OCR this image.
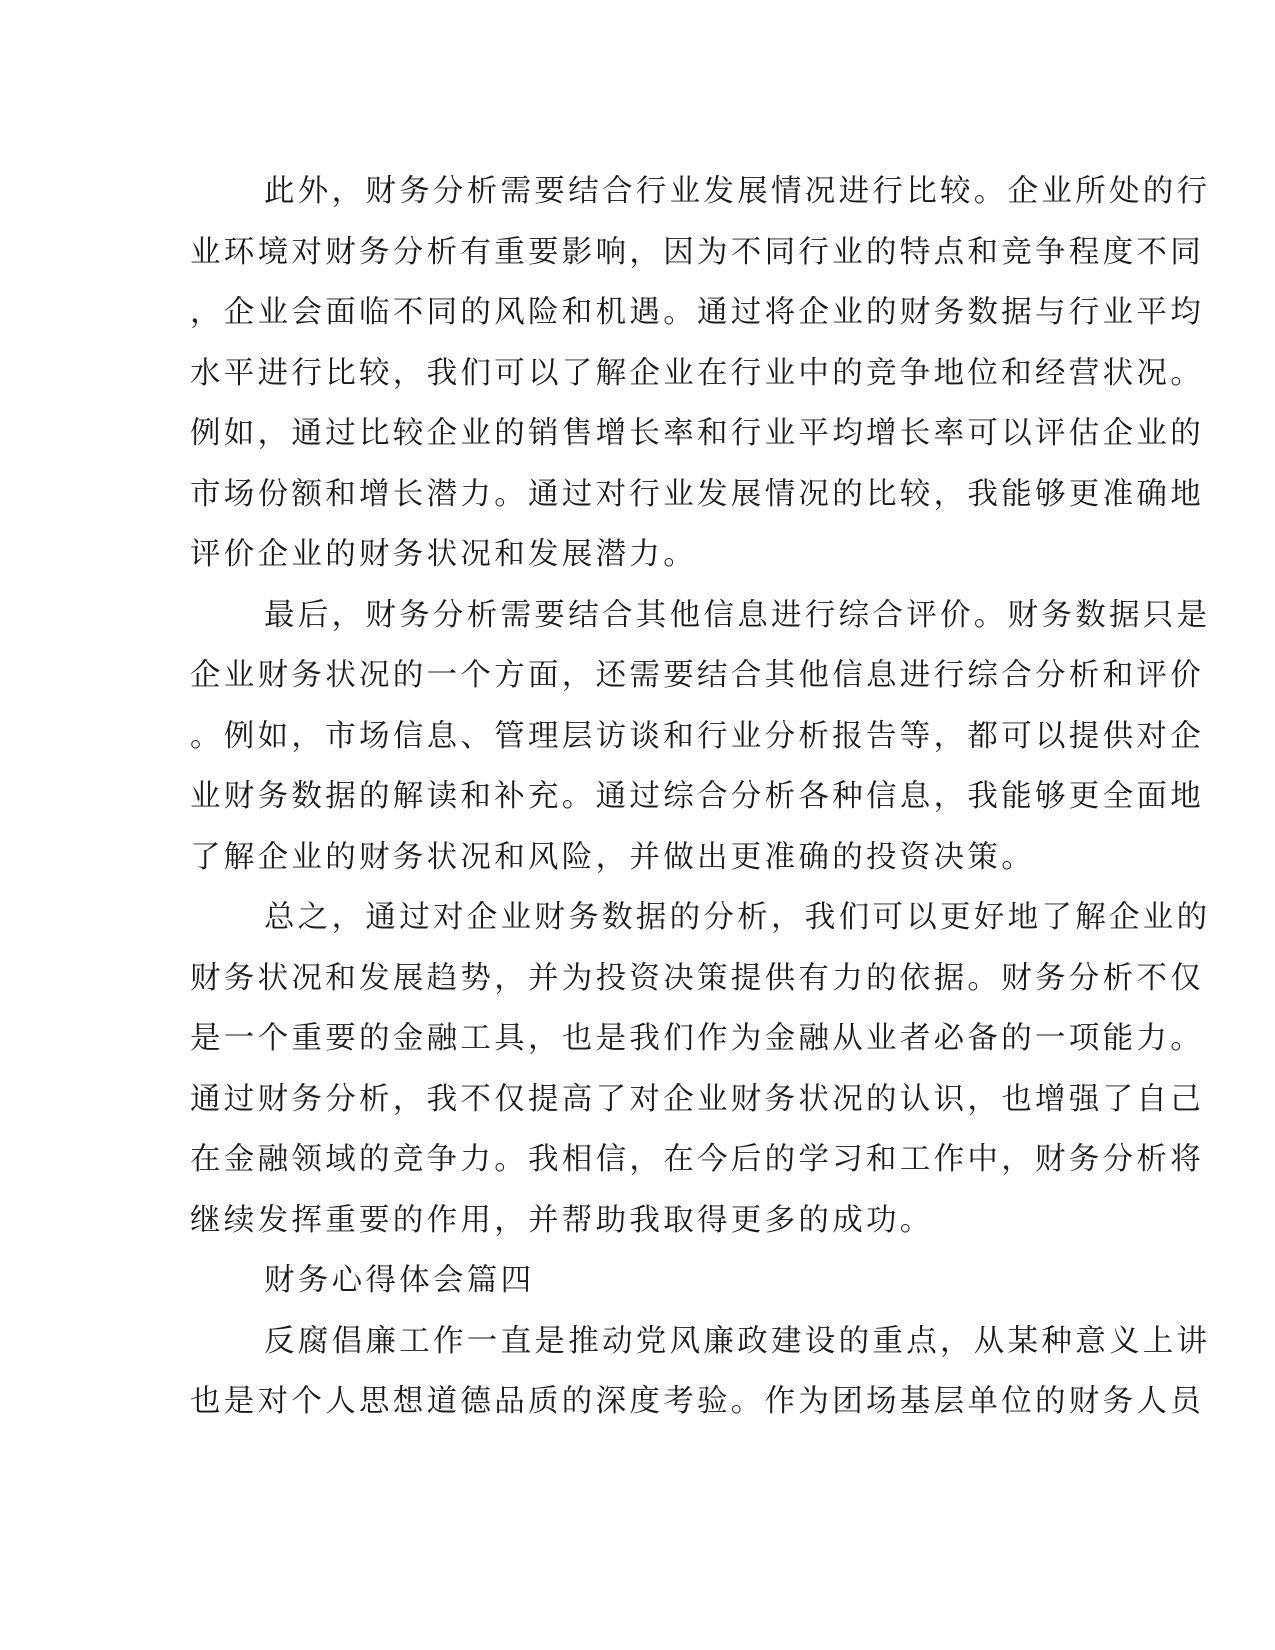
此外，财务分析需要结合行业发展情况进行比较。企业所处的行
业环境对财务分析有重要影响，因为不同行业的特点和竞争程度不同
，企业会面临不同的风险和机遇。通过将企业的财务数据与行业平均
水平进行比较，我们可以了解企业在行业中的竞争地位和经营状况。
例如，通过比较企业的销售增长率和行业平均增长率可以评估企业的
市场份额和增长潜力。通过对行业发展情况的比较，我能够更准确地
评价企业的财务状况和发展潜力。
最后，财务分析需要结合其他信息进行综合评价。财务数据只是
企业财务状况的一个方面，还需要结合其他信息进行综合分析和评价
。例如，市场信息、管理层访谈和行业分析报告等，都可以提供对企
业财务数据的解读和补充。通过综合分析各种信息，我能够更全面地
了解企业的财务状况和风险，并做出更准确的投资决策。
总之，通过对企业财务数据的分析，我们可以更好地了解企业的
财务状况和发展趋势，并为投资决策提供有力的依据。财务分析不仅
是一个重要的金融工具，也是我们作为金融从业者必备的一项能力。
通过财务分析，我不仅提高了对企业财务状况的认识，也增强了自己
在金融领域的竞争力。我相信，在今后的学习和工作中，财务分析将
继续发挥重要的作用，并帮助我取得更多的成功。
财务心得体会篇四
反腐倡廉工作一直是推动党风廉政建设的重点，从某种意义上讲
也是对个人思想道德品质的深度考验。作为团场基层单位的财务人员
